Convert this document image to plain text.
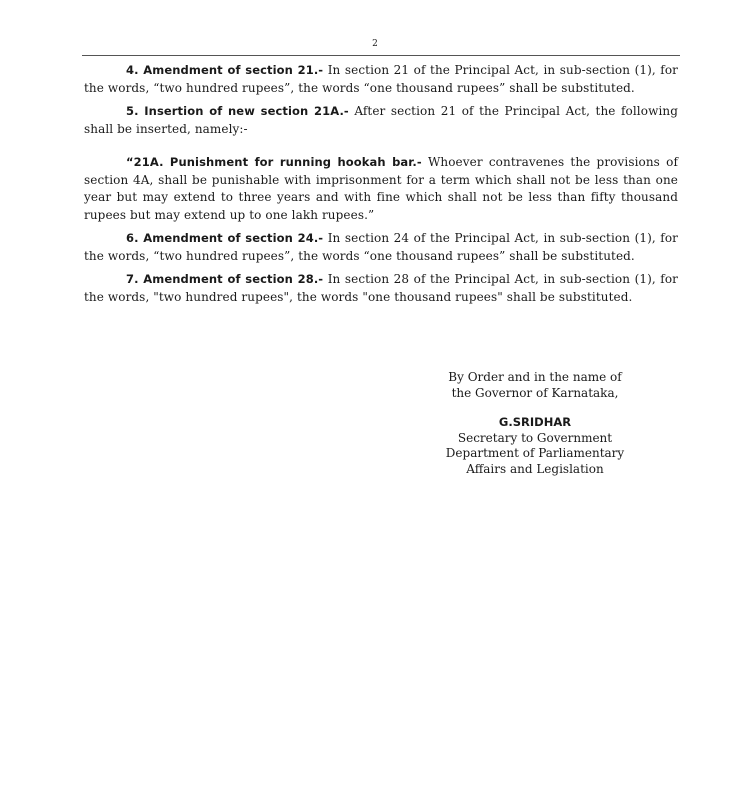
2

4. Amendment of section 21.- In section 21 of the Principal Act, in sub-section (1), for the words, “two hundred rupees”, the words “one thousand rupees” shall be substituted.

5. Insertion of new section 21A.- After section 21 of the Principal Act, the following shall be inserted, namely:-

“21A. Punishment for running hookah bar.- Whoever contravenes the provisions of section 4A, shall be punishable with imprisonment for a term which shall not be less than one year but may extend to three years and with fine which shall not be less than fifty thousand rupees but may extend up to one lakh rupees.”

6. Amendment of section 24.- In section 24 of the Principal Act, in sub-section (1), for the words, “two hundred rupees”, the words “one thousand rupees” shall be substituted.

7. Amendment of section 28.- In section 28 of the Principal Act, in sub-section (1), for the words, "two hundred rupees", the words "one thousand rupees" shall be substituted.

By Order and in the name of
the Governor of Karnataka,
G.SRIDHAR
Secretary to Government
Department of Parliamentary
Affairs and Legislation
